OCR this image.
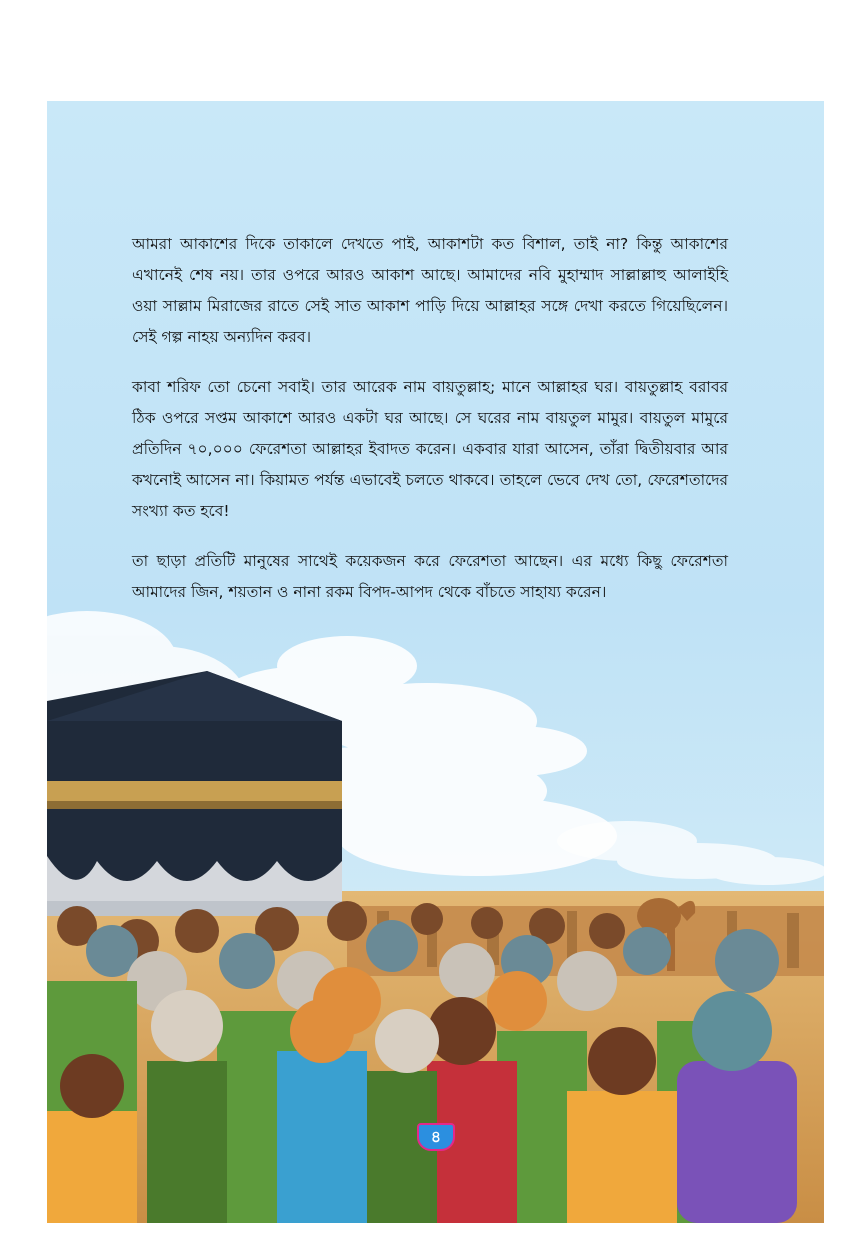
আমরা আকাশের দিকে তাকালে দেখতে পাই, আকাশটা কত বিশাল, তাই না? কিন্তু আকাশের এখানেই শেষ নয়। তার ওপরে আরও আকাশ আছে। আমাদের নবি মুহাম্মাদ সাল্লাল্লাহু আলাইহি ওয়া সাল্লাম মিরাজের রাতে সেই সাত আকাশ পাড়ি দিয়ে আল্লাহর সঙ্গে দেখা করতে গিয়েছিলেন। সেই গল্প নাহয় অন্যদিন করব।

কাবা শরিফ তো চেনো সবাই। তার আরেক নাম বায়তুল্লাহ; মানে আল্লাহর ঘর। বায়তুল্লাহ বরাবর ঠিক ওপরে সপ্তম আকাশে আরও একটা ঘর আছে। সে ঘরের নাম বায়তুল মামুর। বায়তুল মামুরে প্রতিদিন ৭০,০০০ ফেরেশতা আল্লাহর ইবাদত করেন। একবার যারা আসেন, তাঁরা দ্বিতীয়বার আর কখনোই আসেন না। কিয়ামত পর্যন্ত এভাবেই চলতে থাকবে। তাহলে ভেবে দেখ তো, ফেরেশতাদের সংখ্যা কত হবে!

তা ছাড়া প্রতিটি মানুষের সাথেই কয়েকজন করে ফেরেশতা আছেন। এর মধ্যে কিছু ফেরেশতা আমাদের জিন, শয়তান ও নানা রকম বিপদ-আপদ থেকে বাঁচতে সাহায্য করেন।

৪
